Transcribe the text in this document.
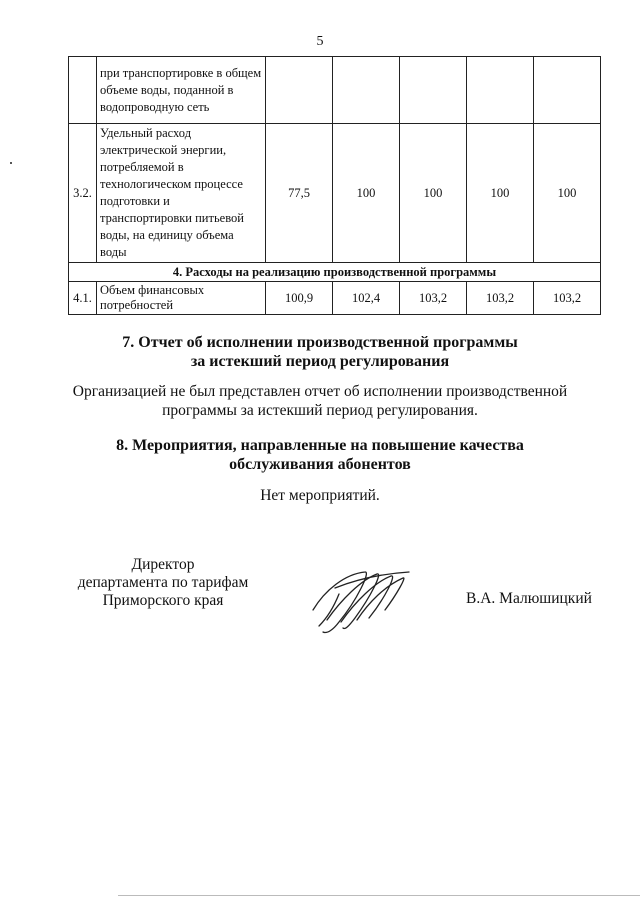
5
	при транспортировке в общем объеме воды, поданной в водопроводную сеть					
3.2.	Удельный расход электрической энергии, потребляемой в технологическом процессе подготовки и транспортировки питьевой воды, на единицу объема воды	77,5	100	100	100	100
4. Расходы на реализацию производственной программы						
4.1.	Объем финансовых потребностей	100,9	102,4	103,2	103,2	103,2
7. Отчет об исполнении производственной программы
за истекший период регулирования
Организацией не был представлен отчет об исполнении производственной
программы за истекший период регулирования.
8. Мероприятия, направленные на повышение качества
обслуживания абонентов
Нет мероприятий.
Директор
департамента по тарифам
Приморского края	В.А. Малюшицкий
